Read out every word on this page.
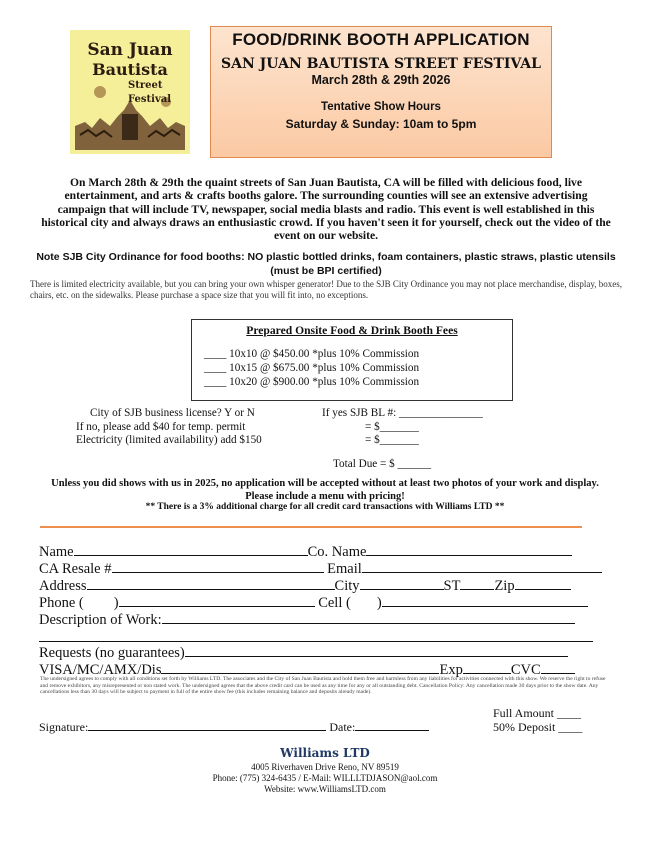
San Juan
Bautista
Street
Festival
FOOD/DRINK BOOTH APPLICATION
SAN JUAN BAUTISTA STREET FESTIVAL
March 28th & 29th 2026
Tentative Show Hours
Saturday & Sunday: 10am to 5pm
On March 28th & 29th the quaint streets of San Juan Bautista, CA will be filled with delicious food, live entertainment, and arts & crafts booths galore. The surrounding counties will see an extensive advertising campaign that will include TV, newspaper, social media blasts and radio. This event is well established in this historical city and always draws an enthusiastic crowd. If you haven't seen it for yourself, check out the video of the event on our website.
Note SJB City Ordinance for food booths: NO plastic bottled drinks, foam containers, plastic straws, plastic utensils (must be BPI certified)
There is limited electricity available, but you can bring your own whisper generator! Due to the SJB City Ordinance you may not place merchandise, display, boxes, chairs, etc. on the sidewalks. Please purchase a space size that you will fit into, no exceptions.
Prepared Onsite Food & Drink Booth Fees
____ 10x10 @ $450.00 *plus 10% Commission
____ 10x15 @ $675.00 *plus 10% Commission
____ 10x20 @ $900.00 *plus 10% Commission
City of SJB business license? Y or N	If yes SJB BL #: _______________
If no, please add $40 for temp. permit	= $_______
Electricity (limited availability) add $150	= $_______
Total Due = $ ______
Unless you did shows with us in 2025, no application will be accepted without at least two photos of your work and display. Please include a menu with pricing!
** There is a 3% additional charge for all credit card transactions with Williams LTD **
Name	Co. Name
CA Resale #	Email
Address	City	ST Zip
Phone ( )	Cell ( )
Description of Work:
Requests (no guarantees)
VISA/MC/AMX/Dis	Exp	CVC
The undersigned agrees to comply with all conditions set forth by Williams LTD. The associates and the City of San Juan Bautista and hold them free and harmless from any liabilities for activities connected with this show. We reserve the right to refuse and remove exhibitors, any misrepresented or non stated work. The undersigned agrees that the above credit card can be used as any time for any or all outstanding debt. Cancellation Policy: Any cancellation made 30 days prior to the show date. Any cancellations less than 30 days will be subject to payment in full of the entire show fee (this includes remaining balance and deposits already made).
Full Amount ____
Signature:	Date:	50% Deposit ____
Williams LTD
4005 Riverhaven Drive Reno, NV 89519
Phone: (775) 324-6435 / E-Mail: WILLLTDJASON@aol.com
Website: www.WilliamsLTD.com
